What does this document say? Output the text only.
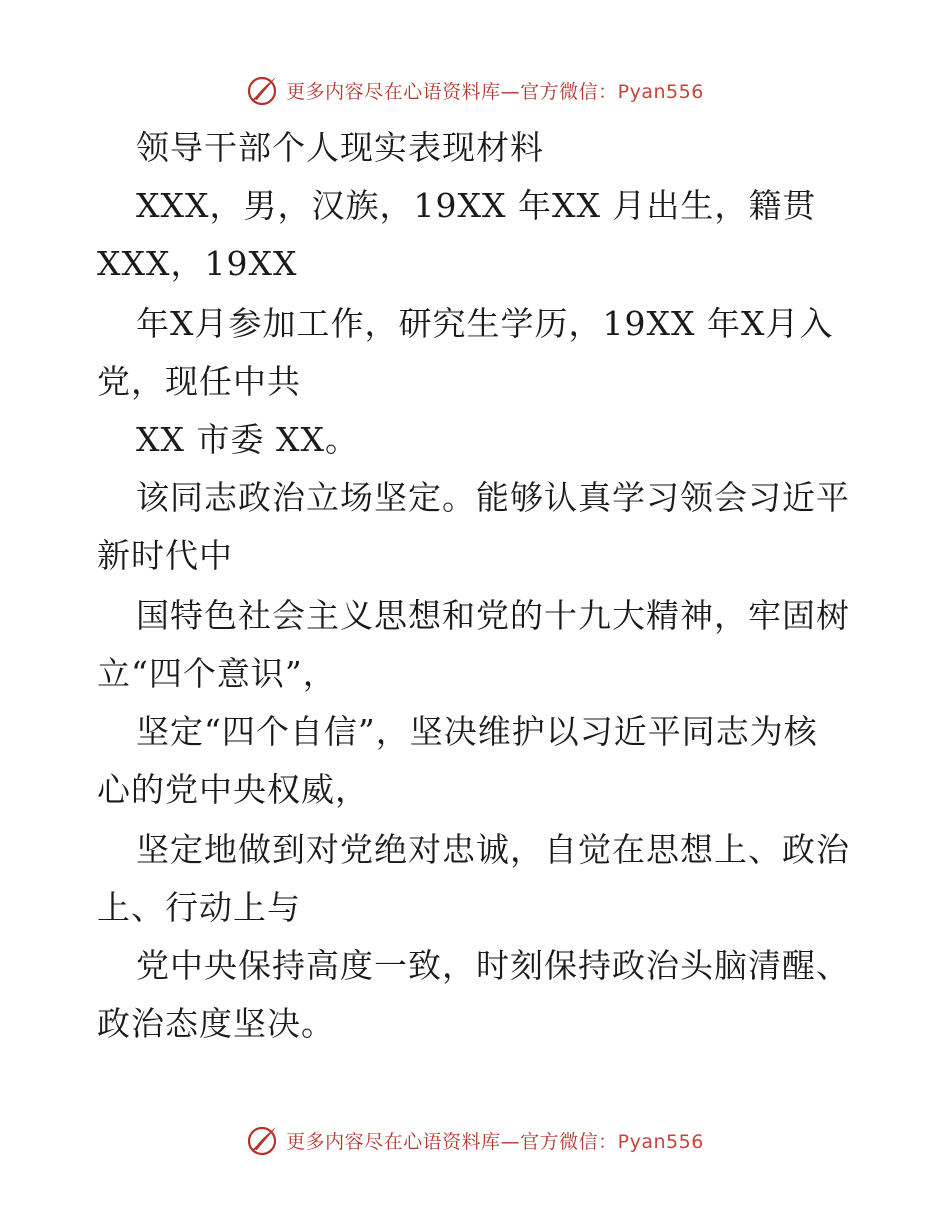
更多内容尽在心语资料库—官方微信：Pyan556
领导干部个人现实表现材料
XXX，男，汉族，19XX 年XX 月出生，籍贯
XXX，19XX
年X月参加工作，研究生学历，19XX 年X月入
党，现任中共
XX 市委 XX。
该同志政治立场坚定。能够认真学习领会习近平
新时代中
国特色社会主义思想和党的十九大精神，牢固树
立“四个意识”，
坚定“四个自信”，坚决维护以习近平同志为核
心的党中央权威，
坚定地做到对党绝对忠诚，自觉在思想上、政治
上、行动上与
党中央保持高度一致，时刻保持政治头脑清醒、
政治态度坚决。
更多内容尽在心语资料库—官方微信：Pyan556
